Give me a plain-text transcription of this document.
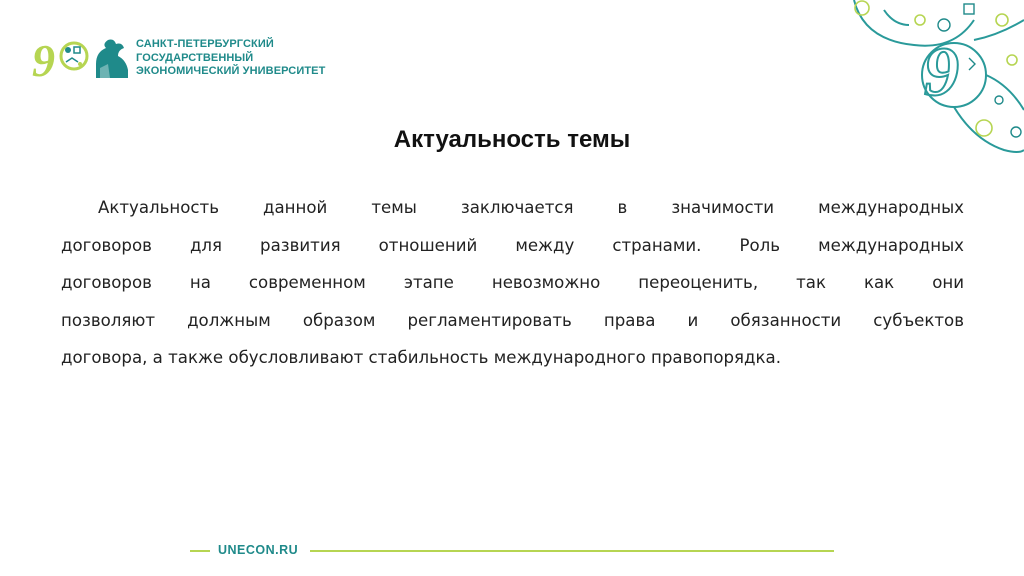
9	САНКТ-ПЕТЕРБУРГСКИЙ
ГОСУДАРСТВЕННЫЙ
ЭКОНОМИЧЕСКИЙ УНИВЕРСИТЕТ	9
Актуальность темы
Актуальность данной темы заключается в значимости международных
договоров для развития отношений между странами. Роль международных
договоров на современном этапе невозможно переоценить, так как они
позволяют должным образом регламентировать права и обязанности субъектов
договора, а также обусловливают стабильность международного правопорядка.
UNECON.RU
